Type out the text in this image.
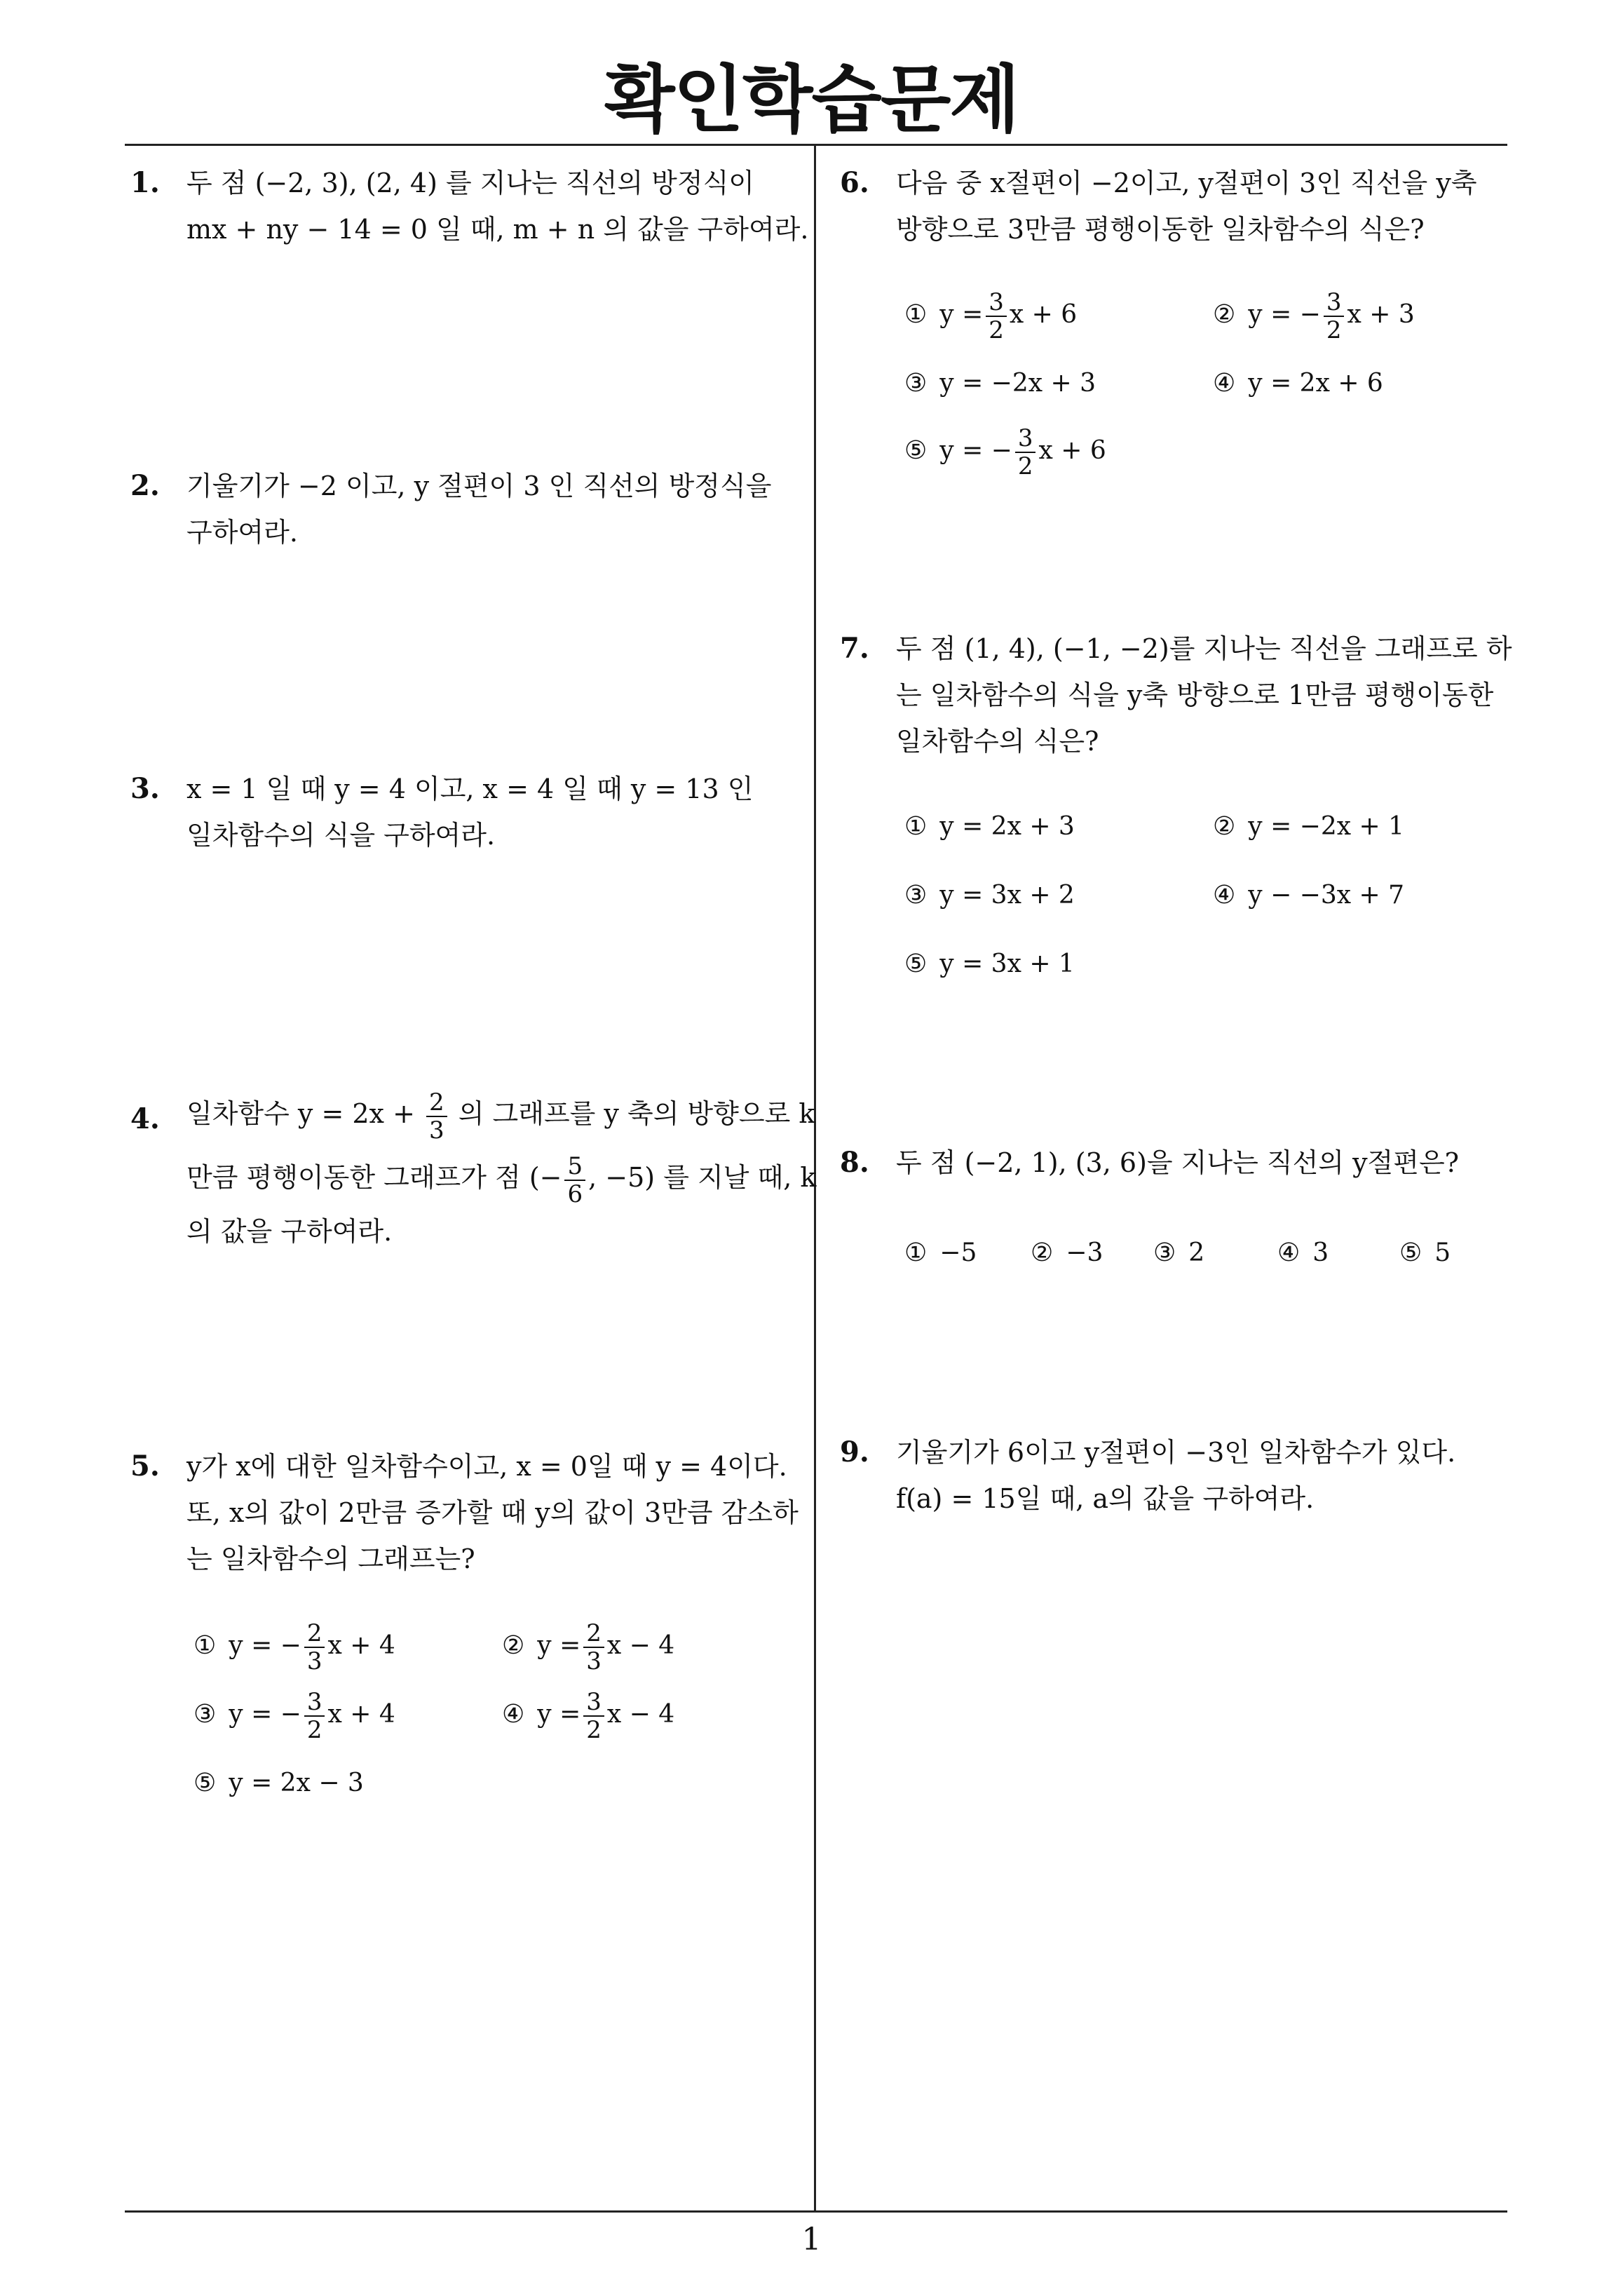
확인학습문제
1. 두 점 (−2, 3), (2, 4) 를 지나는 직선의 방정식이
mx + ny − 14 = 0 일 때, m + n 의 값을 구하여라.
2. 기울기가 −2 이고, y 절편이 3 인 직선의 방정식을
구하여라.
3. x = 1 일 때 y = 4 이고, x = 4 일 때 y = 13 인
일차함수의 식을 구하여라.
4. 일차함수 $y = 2x + \frac{2}{3}$ 의 그래프를 y 축의 방향으로 k
만큼 평행이동한 그래프가 점 (− $\frac{5}{6}$ , −5) 를 지날 때, k
의 값을 구하여라.
5. y가 x에 대한 일차함수이고, x = 0일 때 y = 4이다.
또, x의 값이 2만큼 증가할 때 y의 값이 3만큼 감소하
는 일차함수의 그래프는?
① y = − $\frac{2}{3}$ x + 4	② $y = \frac{2}{3}$ x − 4
③ y = − $\frac{3}{2}$ x + 4	④ $y = \frac{3}{2}$ x − 4
⑤ y = 2x − 3
6. 다음 중 x절편이 −2이고, y절편이 3인 직선을 y축
방향으로 3만큼 평행이동한 일차함수의 식은?
① $y = \frac{3}{2}$ x + 6	② y = − $\frac{3}{2}$ x + 3
③ y = −2x + 3	④ y = 2x + 6
⑤ y = − $\frac{3}{2}$ x + 6
7. 두 점 (1, 4), (−1, −2)를 지나는 직선을 그래프로 하
는 일차함수의 식을 y축 방향으로 1만큼 평행이동한
일차함수의 식은?
① y = 2x + 3	② y = −2x + 1
③ y = 3x + 2	④ y − −3x + 7
⑤ y = 3x + 1
8. 두 점 (−2, 1), (3, 6)을 지나는 직선의 y절편은?
① −5 ② −3 ③ 2	④ 3	⑤ 5
9. 기울기가 6이고 y절편이 −3인 일차함수가 있다.
f(a) = 15일 때, a의 값을 구하여라.
1
